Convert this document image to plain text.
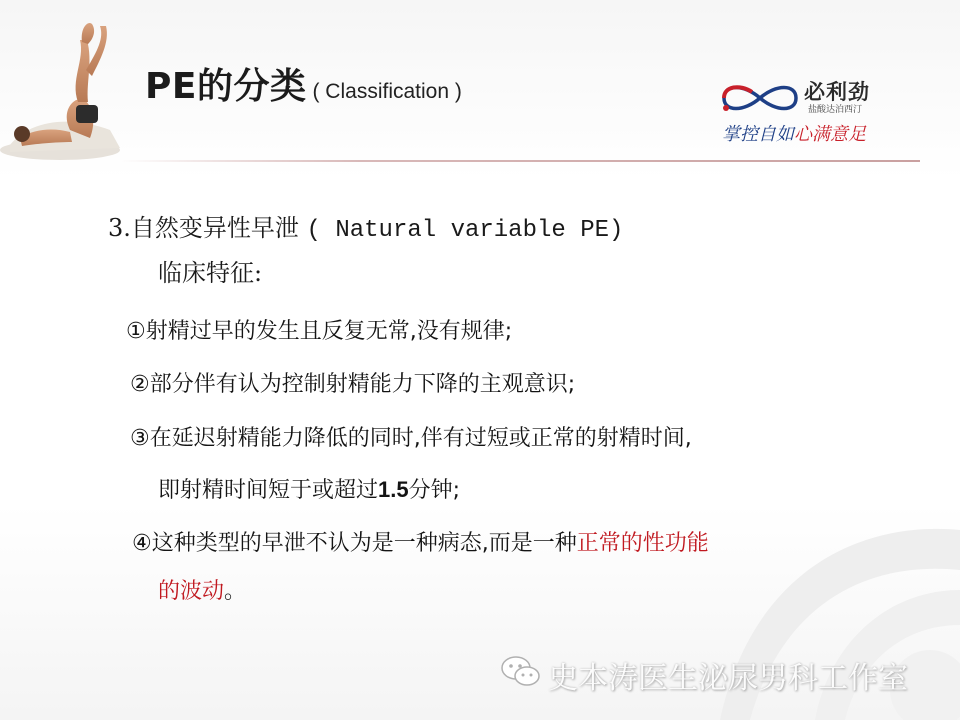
PE的分类 ( Classification )	必利劲
盐酸达泊西汀
掌控自如心满意足
3.自然变异性早泄 ( Natural variable PE)
临床特征:
①射精过早的发生且反复无常,没有规律;
②部分伴有认为控制射精能力下降的主观意识;
③在延迟射精能力降低的同时,伴有过短或正常的射精时间,
即射精时间短于或超过1.5分钟;
④这种类型的早泄不认为是一种病态,而是一种正常的性功能
的波动。
史本涛医生泌尿男科工作室
